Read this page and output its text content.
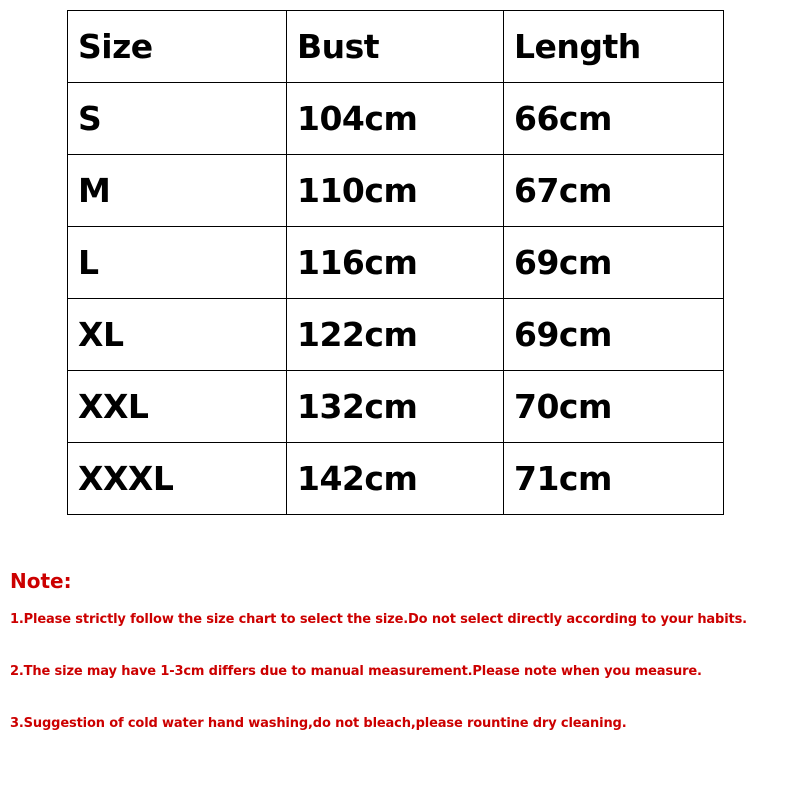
Size	Bust	Length
S	104cm	66cm
M	110cm	67cm
L	116cm	69cm
XL	122cm	69cm
XXL	132cm	70cm
XXXL	142cm	71cm
Note:
1.Please strictly follow the size chart to select the size.Do not select directly according to your habits.
2.The size may have 1-3cm differs due to manual measurement.Please note when you measure.
3.Suggestion of cold water hand washing,do not bleach,please rountine dry cleaning.
